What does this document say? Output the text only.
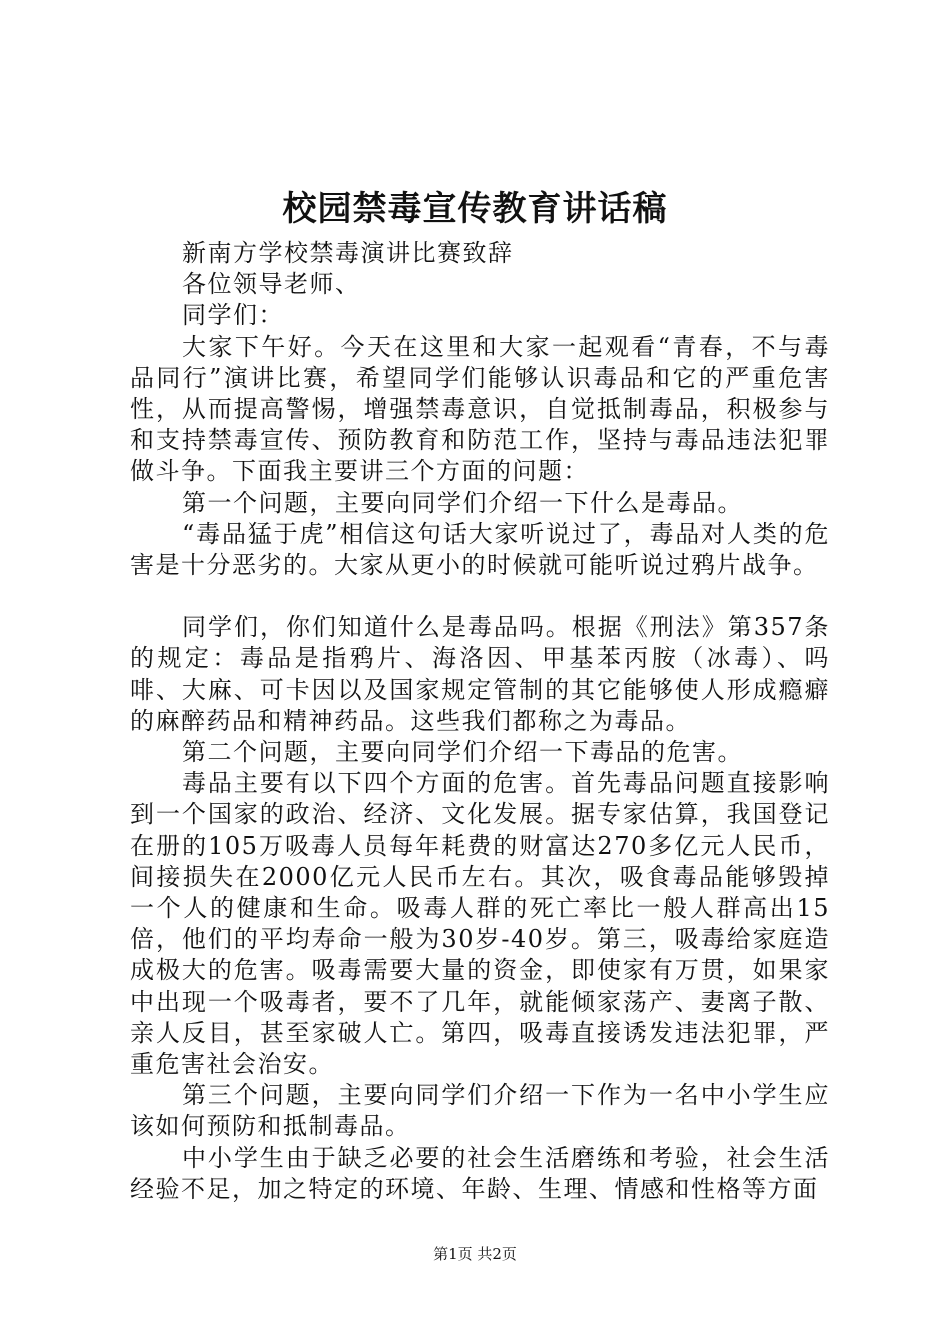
校园禁毒宣传教育讲话稿

新南方学校禁毒演讲比赛致辞

各位领导老师、

同学们：

大家下午好。今天在这里和大家一起观看“青春，不与毒品同行”演讲比赛，希望同学们能够认识毒品和它的严重危害性，从而提高警惕，增强禁毒意识，自觉抵制毒品，积极参与和支持禁毒宣传、预防教育和防范工作，坚持与毒品违法犯罪做斗争。下面我主要讲三个方面的问题：

第一个问题，主要向同学们介绍一下什么是毒品。

“毒品猛于虎”相信这句话大家听说过了，毒品对人类的危害是十分恶劣的。大家从更小的时候就可能听说过鸦片战争。

同学们，你们知道什么是毒品吗。根据《刑法》第357条的规定：毒品是指鸦片、海洛因、甲基苯丙胺（冰毒）、吗啡、大麻、可卡因以及国家规定管制的其它能够使人形成瘾癖的麻醉药品和精神药品。这些我们都称之为毒品。

第二个问题，主要向同学们介绍一下毒品的危害。

毒品主要有以下四个方面的危害。首先毒品问题直接影响到一个国家的政治、经济、文化发展。据专家估算，我国登记在册的105万吸毒人员每年耗费的财富达270多亿元人民币，间接损失在2000亿元人民币左右。其次，吸食毒品能够毁掉一个人的健康和生命。吸毒人群的死亡率比一般人群高出15倍，他们的平均寿命一般为30岁-40岁。第三，吸毒给家庭造成极大的危害。吸毒需要大量的资金，即使家有万贯，如果家中出现一个吸毒者，要不了几年，就能倾家荡产、妻离子散、亲人反目，甚至家破人亡。第四，吸毒直接诱发违法犯罪，严重危害社会治安。

第三个问题，主要向同学们介绍一下作为一名中小学生应该如何预防和抵制毒品。

中小学生由于缺乏必要的社会生活磨练和考验，社会生活经验不足，加之特定的环境、年龄、生理、情感和性格等方面

第1页 共2页
